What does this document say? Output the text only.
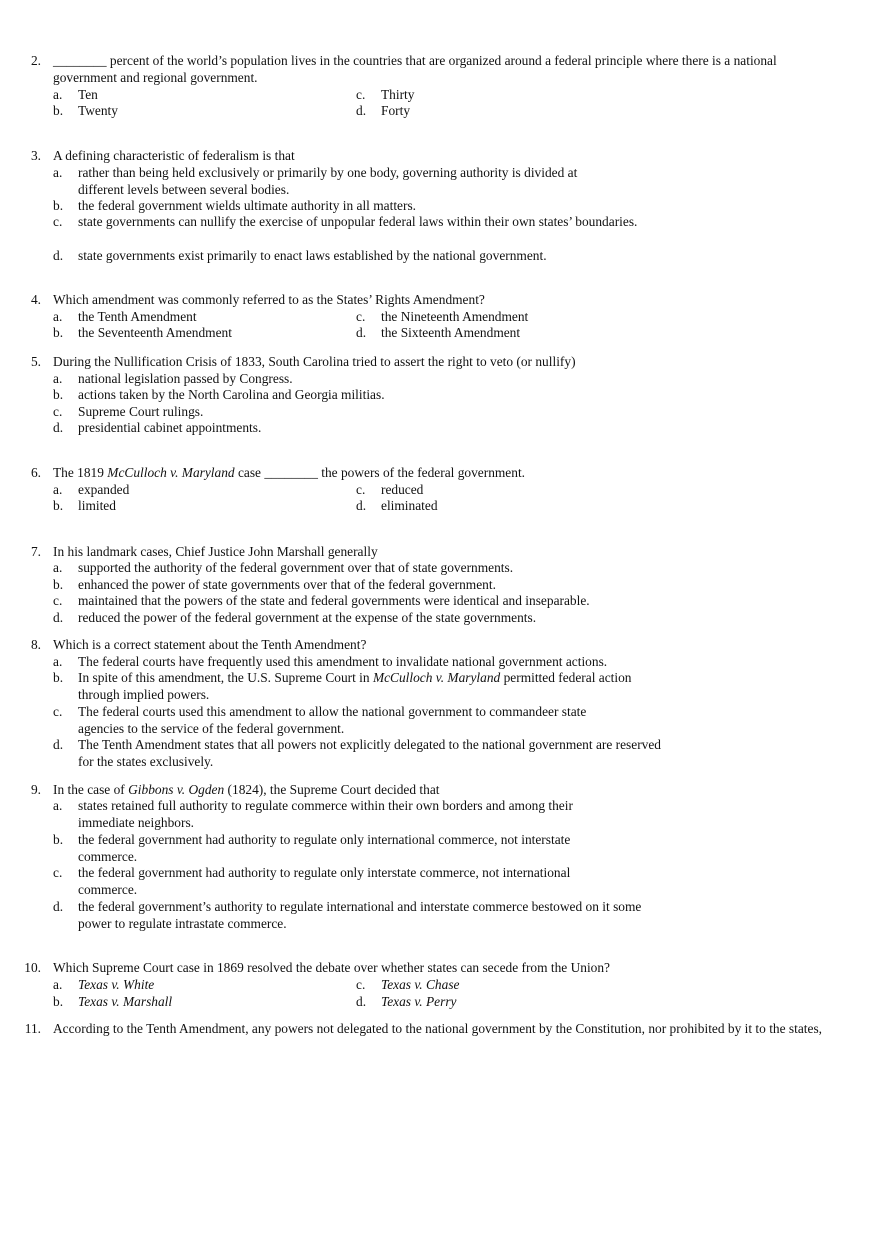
2. ________ percent of the world’s population lives in the countries that are organized around a federal principle where there is a national government and regional government.
a. Ten
b. Twenty
c. Thirty
d. Forty
3. A defining characteristic of federalism is that
a. rather than being held exclusively or primarily by one body, governing authority is divided at different levels between several bodies.
b. the federal government wields ultimate authority in all matters.
c. state governments can nullify the exercise of unpopular federal laws within their own states’ boundaries.
d. state governments exist primarily to enact laws established by the national government.
4. Which amendment was commonly referred to as the States’ Rights Amendment?
a. the Tenth Amendment
b. the Seventeenth Amendment
c. the Nineteenth Amendment
d. the Sixteenth Amendment
5. During the Nullification Crisis of 1833, South Carolina tried to assert the right to veto (or nullify)
a. national legislation passed by Congress.
b. actions taken by the North Carolina and Georgia militias.
c. Supreme Court rulings.
d. presidential cabinet appointments.
6. The 1819 McCulloch v. Maryland case ________ the powers of the federal government.
a. expanded
b. limited
c. reduced
d. eliminated
7. In his landmark cases, Chief Justice John Marshall generally
a. supported the authority of the federal government over that of state governments.
b. enhanced the power of state governments over that of the federal government.
c. maintained that the powers of the state and federal governments were identical and inseparable.
d. reduced the power of the federal government at the expense of the state governments.
8. Which is a correct statement about the Tenth Amendment?
a. The federal courts have frequently used this amendment to invalidate national government actions.
b. In spite of this amendment, the U.S. Supreme Court in McCulloch v. Maryland permitted federal action through implied powers.
c. The federal courts used this amendment to allow the national government to commandeer state agencies to the service of the federal government.
d. The Tenth Amendment states that all powers not explicitly delegated to the national government are reserved for the states exclusively.
9. In the case of Gibbons v. Ogden (1824), the Supreme Court decided that
a. states retained full authority to regulate commerce within their own borders and among their immediate neighbors.
b. the federal government had authority to regulate only international commerce, not interstate commerce.
c. the federal government had authority to regulate only interstate commerce, not international commerce.
d. the federal government’s authority to regulate international and interstate commerce bestowed on it some power to regulate intrastate commerce.
10. Which Supreme Court case in 1869 resolved the debate over whether states can secede from the Union?
a. Texas v. White
b. Texas v. Marshall
c. Texas v. Chase
d. Texas v. Perry
11. According to the Tenth Amendment, any powers not delegated to the national government by the Constitution, nor prohibited by it to the states,
